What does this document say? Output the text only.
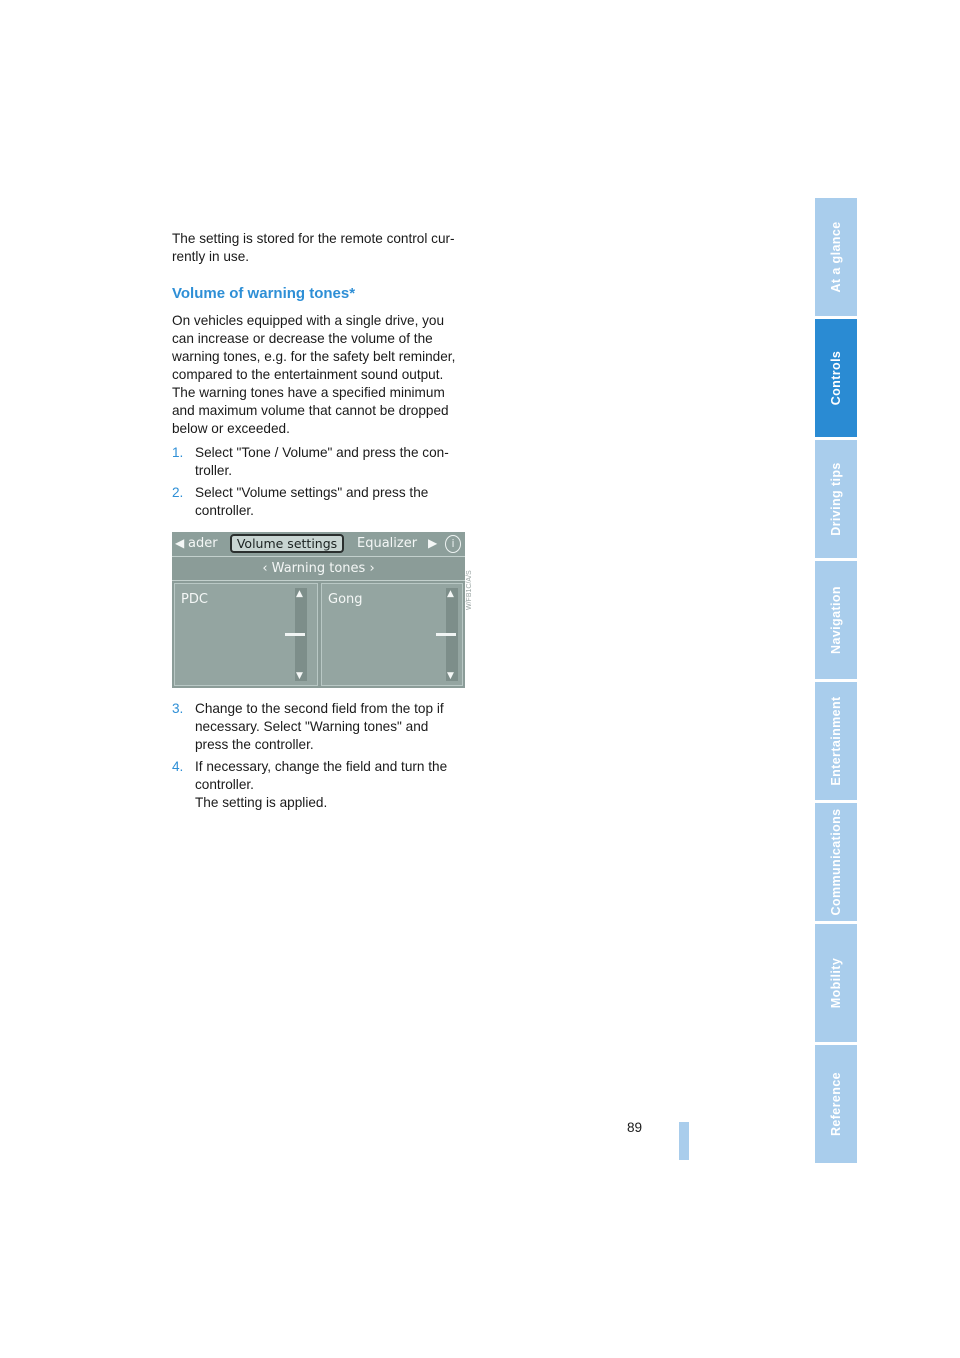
The setting is stored for the remote control cur-
rently in use.

Volume of warning tones*

On vehicles equipped with a single drive, you
can increase or decrease the volume of the
warning tones, e.g. for the safety belt reminder,
compared to the entertainment sound output.
The warning tones have a specified minimum
and maximum volume that cannot be dropped
below or exceeded.

1. Select "Tone / Volume" and press the con-
troller.
2. Select "Volume settings" and press the
controller.
◀ ader	Volume settings	Equalizer ▶	i
‹ Warning tones ›
PDC	▲
▼
Gong	▲
▼
3. Change to the second field from the top if
necessary. Select "Warning tones" and
press the controller.
4. If necessary, change the field and turn the
controller.
The setting is applied.
W/FB1C/A/S
At a glance
Controls
Driving tips
Navigation
Entertainment
Communications
Mobility
Reference
89
